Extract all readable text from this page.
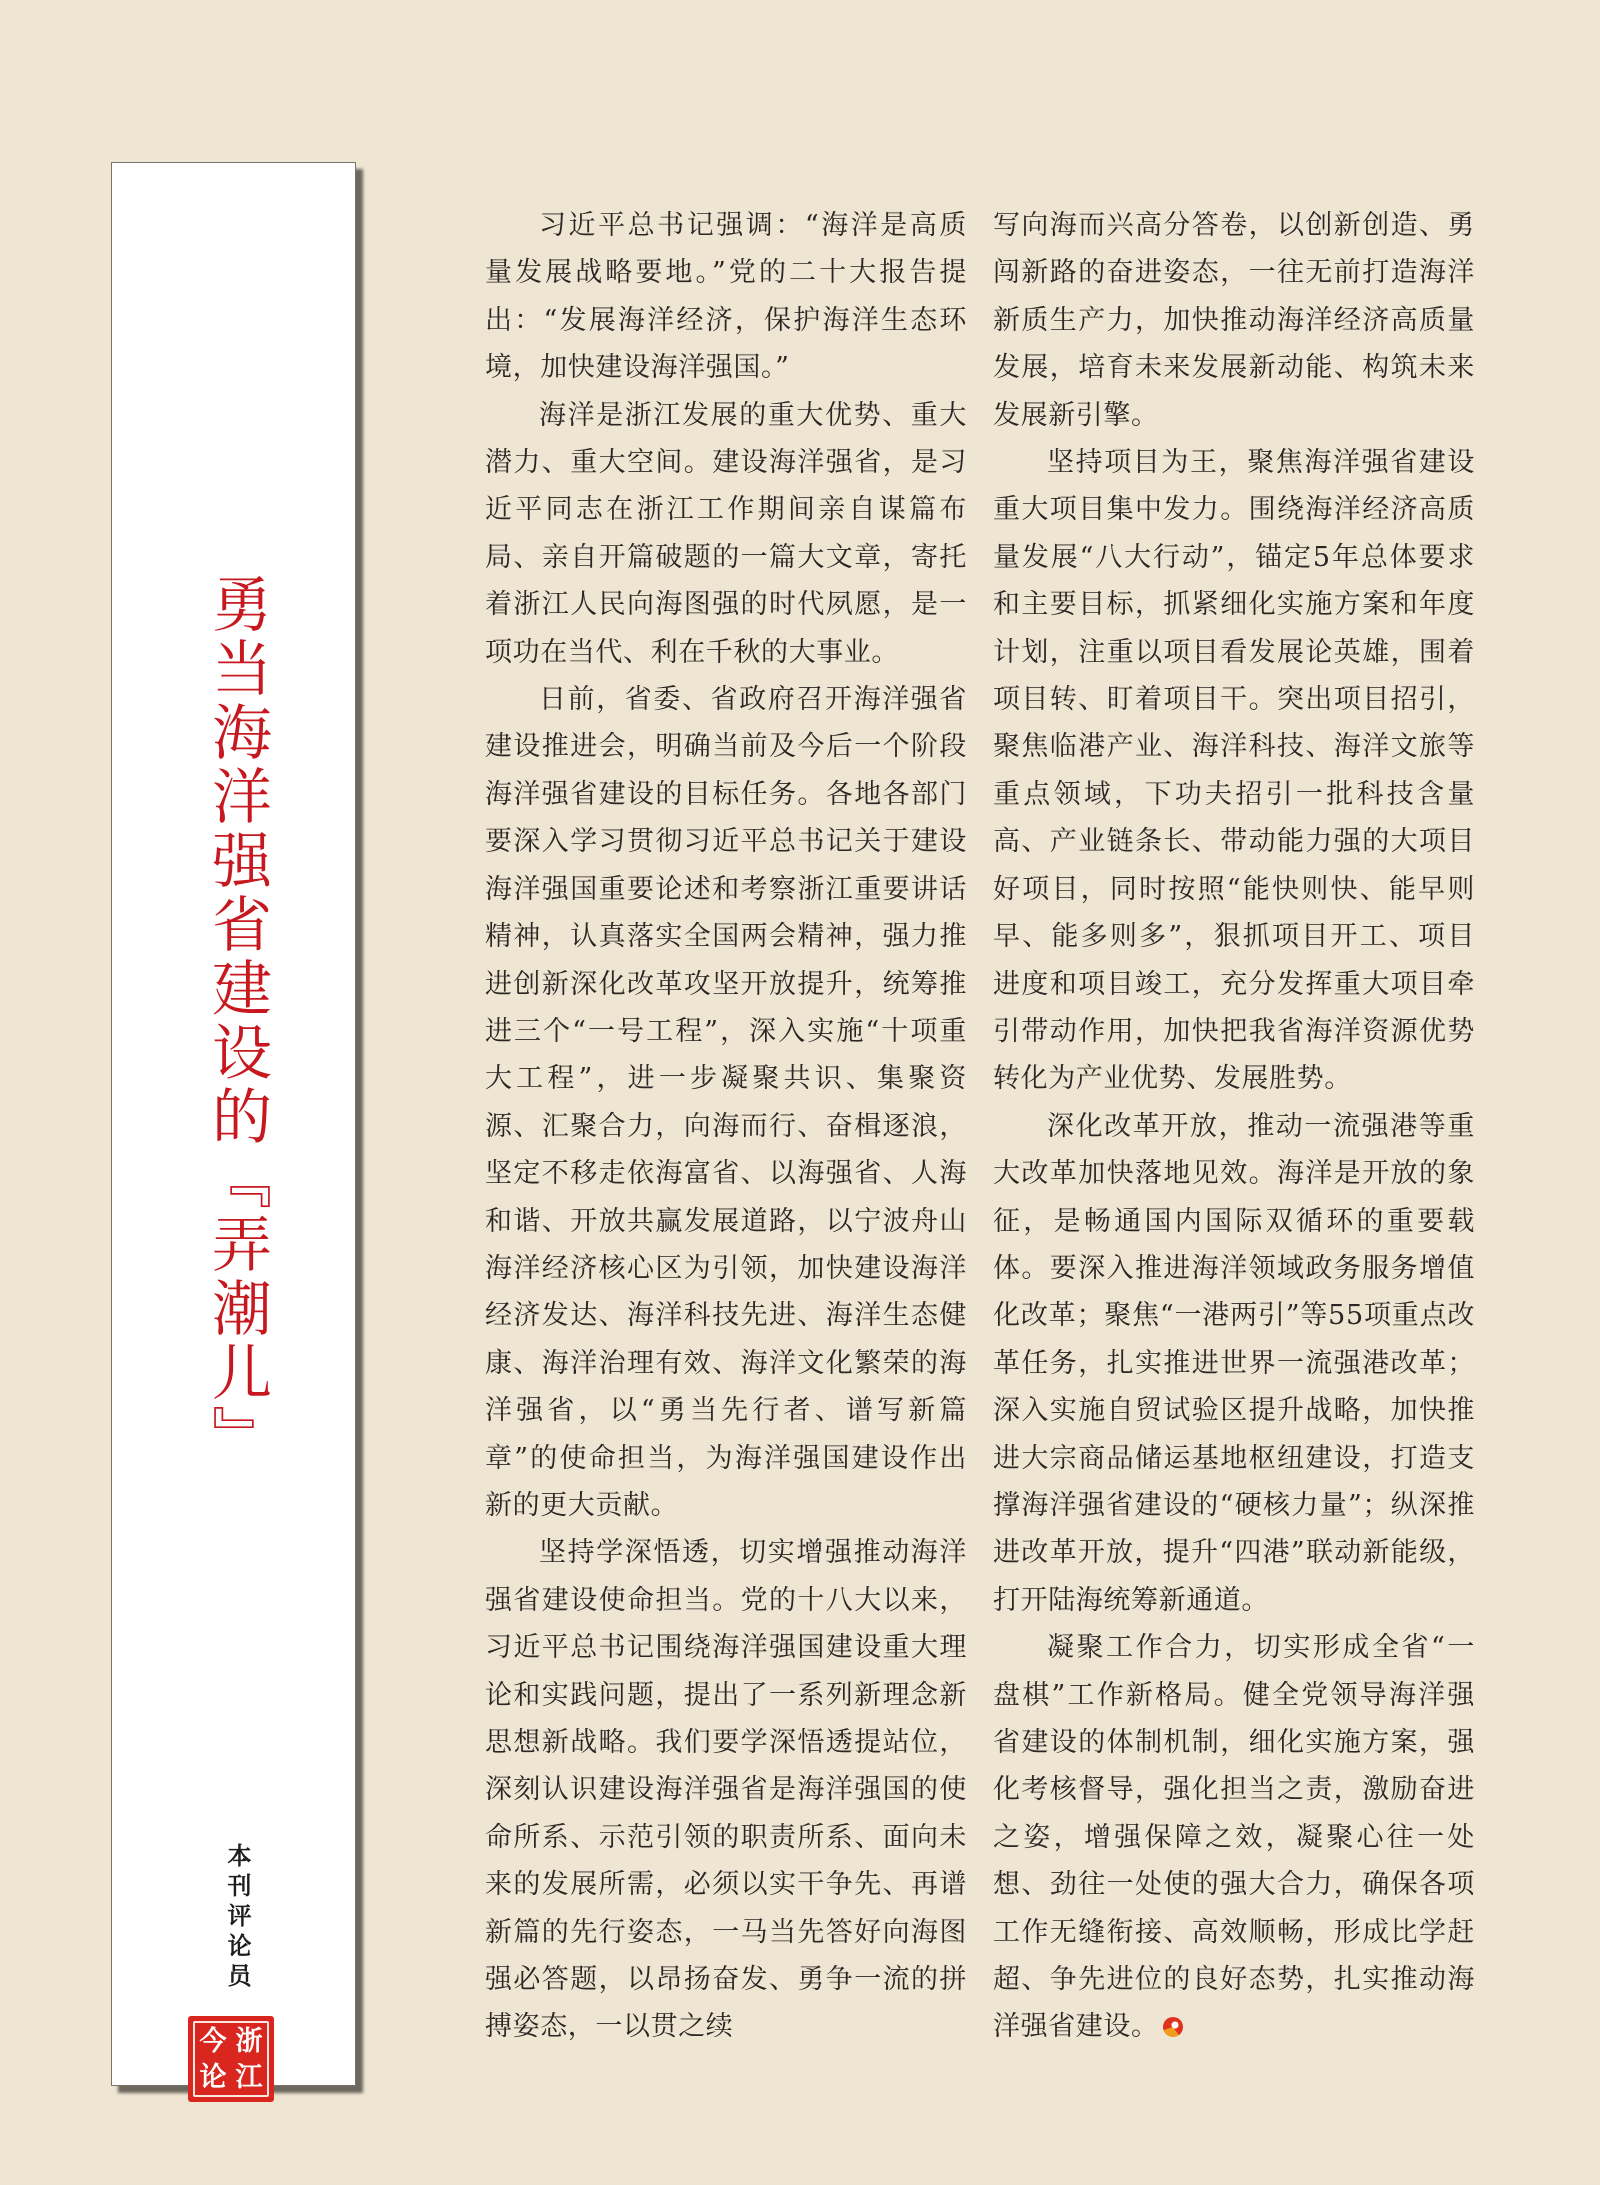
勇当海洋强省建设的『弄潮儿』
本刊评论员
今 浙
论 江

习近平总书记强调：“海洋是高质量发展战略要地。”党的二十大报告提出：“发展海洋经济，保护海洋生态环境，加快建设海洋强国。”

海洋是浙江发展的重大优势、重大潜力、重大空间。建设海洋强省，是习近平同志在浙江工作期间亲自谋篇布局、亲自开篇破题的一篇大文章，寄托着浙江人民向海图强的时代夙愿，是一项功在当代、利在千秋的大事业。

日前，省委、省政府召开海洋强省建设推进会，明确当前及今后一个阶段海洋强省建设的目标任务。各地各部门要深入学习贯彻习近平总书记关于建设海洋强国重要论述和考察浙江重要讲话精神，认真落实全国两会精神，强力推进创新深化改革攻坚开放提升，统筹推进三个“一号工程”，深入实施“十项重大工程”，进一步凝聚共识、集聚资源、汇聚合力，向海而行、奋楫逐浪，坚定不移走依海富省、以海强省、人海和谐、开放共赢发展道路，以宁波舟山海洋经济核心区为引领，加快建设海洋经济发达、海洋科技先进、海洋生态健康、海洋治理有效、海洋文化繁荣的海洋强省，以“勇当先行者、谱写新篇章”的使命担当，为海洋强国建设作出新的更大贡献。

坚持学深悟透，切实增强推动海洋强省建设使命担当。党的十八大以来，习近平总书记围绕海洋强国建设重大理论和实践问题，提出了一系列新理念新思想新战略。我们要学深悟透提站位，深刻认识建设海洋强省是海洋强国的使命所系、示范引领的职责所系、面向未来的发展所需，必须以实干争先、再谱新篇的先行姿态，一马当先答好向海图强必答题，以昂扬奋发、勇争一流的拼搏姿态，一以贯之续

写向海而兴高分答卷，以创新创造、勇闯新路的奋进姿态，一往无前打造海洋新质生产力，加快推动海洋经济高质量发展，培育未来发展新动能、构筑未来发展新引擎。

坚持项目为王，聚焦海洋强省建设重大项目集中发力。围绕海洋经济高质量发展“八大行动”，锚定5年总体要求和主要目标，抓紧细化实施方案和年度计划，注重以项目看发展论英雄，围着项目转、盯着项目干。突出项目招引，聚焦临港产业、海洋科技、海洋文旅等重点领域，下功夫招引一批科技含量高、产业链条长、带动能力强的大项目好项目，同时按照“能快则快、能早则早、能多则多”，狠抓项目开工、项目进度和项目竣工，充分发挥重大项目牵引带动作用，加快把我省海洋资源优势转化为产业优势、发展胜势。

深化改革开放，推动一流强港等重大改革加快落地见效。海洋是开放的象征，是畅通国内国际双循环的重要载体。要深入推进海洋领域政务服务增值化改革；聚焦“一港两引”等55项重点改革任务，扎实推进世界一流强港改革；深入实施自贸试验区提升战略，加快推进大宗商品储运基地枢纽建设，打造支撑海洋强省建设的“硬核力量”；纵深推进改革开放，提升“四港”联动新能级，打开陆海统筹新通道。

凝聚工作合力，切实形成全省“一盘棋”工作新格局。健全党领导海洋强省建设的体制机制，细化实施方案，强化考核督导，强化担当之责，激励奋进之姿，增强保障之效，凝聚心往一处想、劲往一处使的强大合力，确保各项工作无缝衔接、高效顺畅，形成比学赶超、争先进位的良好态势，扎实推动海洋强省建设。
